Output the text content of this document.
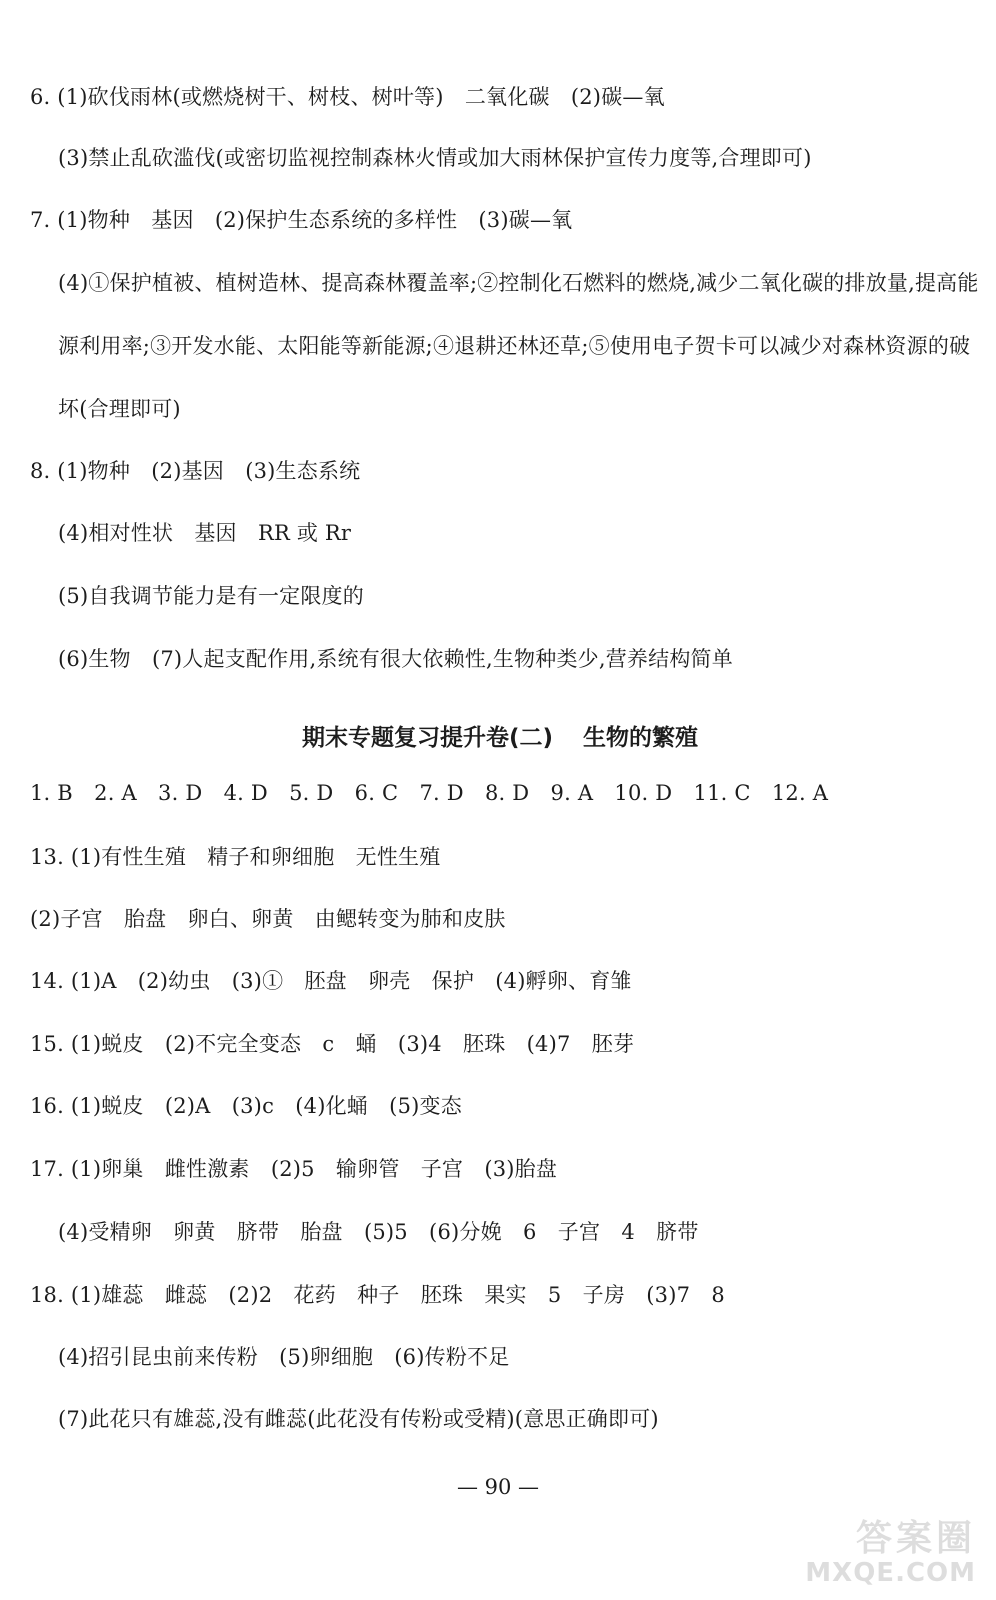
6. (1)砍伐雨林(或燃烧树干、树枝、树叶等)　二氧化碳　(2)碳—氧
(3)禁止乱砍滥伐(或密切监视控制森林火情或加大雨林保护宣传力度等,合理即可)
7. (1)物种　基因　(2)保护生态系统的多样性　(3)碳—氧
(4)①保护植被、植树造林、提高森林覆盖率;②控制化石燃料的燃烧,减少二氧化碳的排放量,提高能
源利用率;③开发水能、太阳能等新能源;④退耕还林还草;⑤使用电子贺卡可以减少对森林资源的破
坏(合理即可)
8. (1)物种　(2)基因　(3)生态系统
(4)相对性状　基因　RR 或 Rr
(5)自我调节能力是有一定限度的
(6)生物　(7)人起支配作用,系统有很大依赖性,生物种类少,营养结构简单
期末专题复习提升卷(二) 生物的繁殖
1. B　2. A　3. D　4. D　5. D　6. C　7. D　8. D　9. A　10. D　11. C　12. A
13. (1)有性生殖　精子和卵细胞　无性生殖
(2)子宫　胎盘　卵白、卵黄　由鳃转变为肺和皮肤
14. (1)A　(2)幼虫　(3)①　胚盘　卵壳　保护　(4)孵卵、育雏
15. (1)蜕皮　(2)不完全变态　c　蛹　(3)4　胚珠　(4)7　胚芽
16. (1)蜕皮　(2)A　(3)c　(4)化蛹　(5)变态
17. (1)卵巢　雌性激素　(2)5　输卵管　子宫　(3)胎盘
(4)受精卵　卵黄　脐带　胎盘　(5)5　(6)分娩　6　子宫　4　脐带
18. (1)雄蕊　雌蕊　(2)2　花药　种子　胚珠　果实　5　子房　(3)7　8
(4)招引昆虫前来传粉　(5)卵细胞　(6)传粉不足
(7)此花只有雄蕊,没有雌蕊(此花没有传粉或受精)(意思正确即可)
— 90 —
答案圈
MXQE.COM
